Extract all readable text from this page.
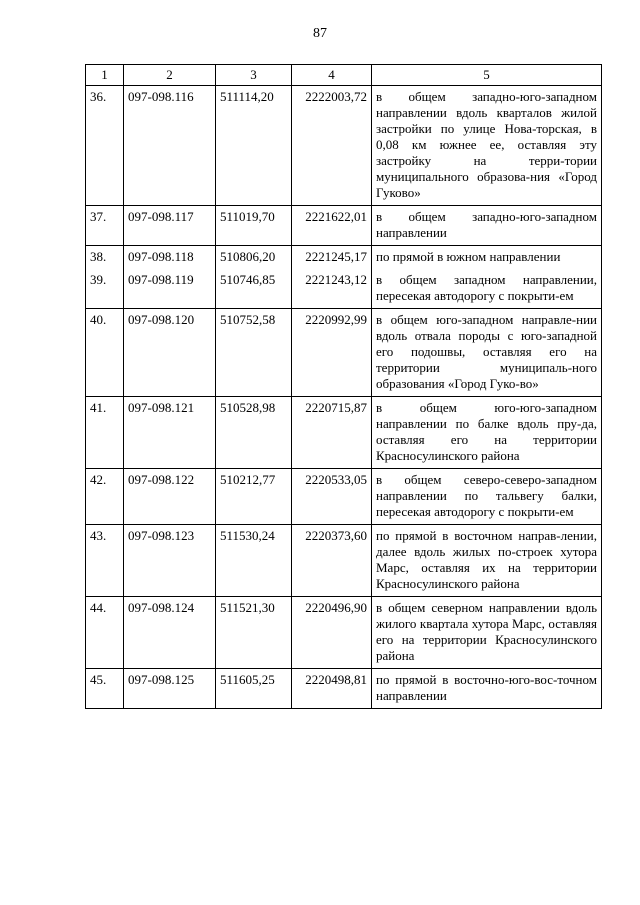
87
1	2	3	4	5
36.	097-098.116	511114,20	2222003,72	в общем западно-юго-западном направлении вдоль кварталов жилой застройки по улице Нова-торская, в 0,08 км южнее ее, оставляя эту застройку на терри-тории муниципального образова-ния «Город Гуково»
37.	097-098.117	511019,70	2221622,01	в общем западно-юго-западном направлении
38.	097-098.118	510806,20	2221245,17	по прямой в южном направлении
39.	097-098.119	510746,85	2221243,12	в общем западном направлении, пересекая автодорогу с покрыти-ем
40.	097-098.120	510752,58	2220992,99	в общем юго-западном направле-нии вдоль отвала породы с юго-западной его подошвы, оставляя его на территории муниципаль-ного образования «Город Гуко-во»
41.	097-098.121	510528,98	2220715,87	в общем юго-юго-западном направлении по балке вдоль пру-да, оставляя его на территории Красносулинского района
42.	097-098.122	510212,77	2220533,05	в общем северо-северо-западном направлении по тальвегу балки, пересекая автодорогу с покрыти-ем
43.	097-098.123	511530,24	2220373,60	по прямой в восточном направ-лении, далее вдоль жилых по-строек хутора Марс, оставляя их на территории Красносулинского района
44.	097-098.124	511521,30	2220496,90	в общем северном направлении вдоль жилого квартала хутора Марс, оставляя его на территории Красносулинского района
45.	097-098.125	511605,25	2220498,81	по прямой в восточно-юго-вос-точном направлении
